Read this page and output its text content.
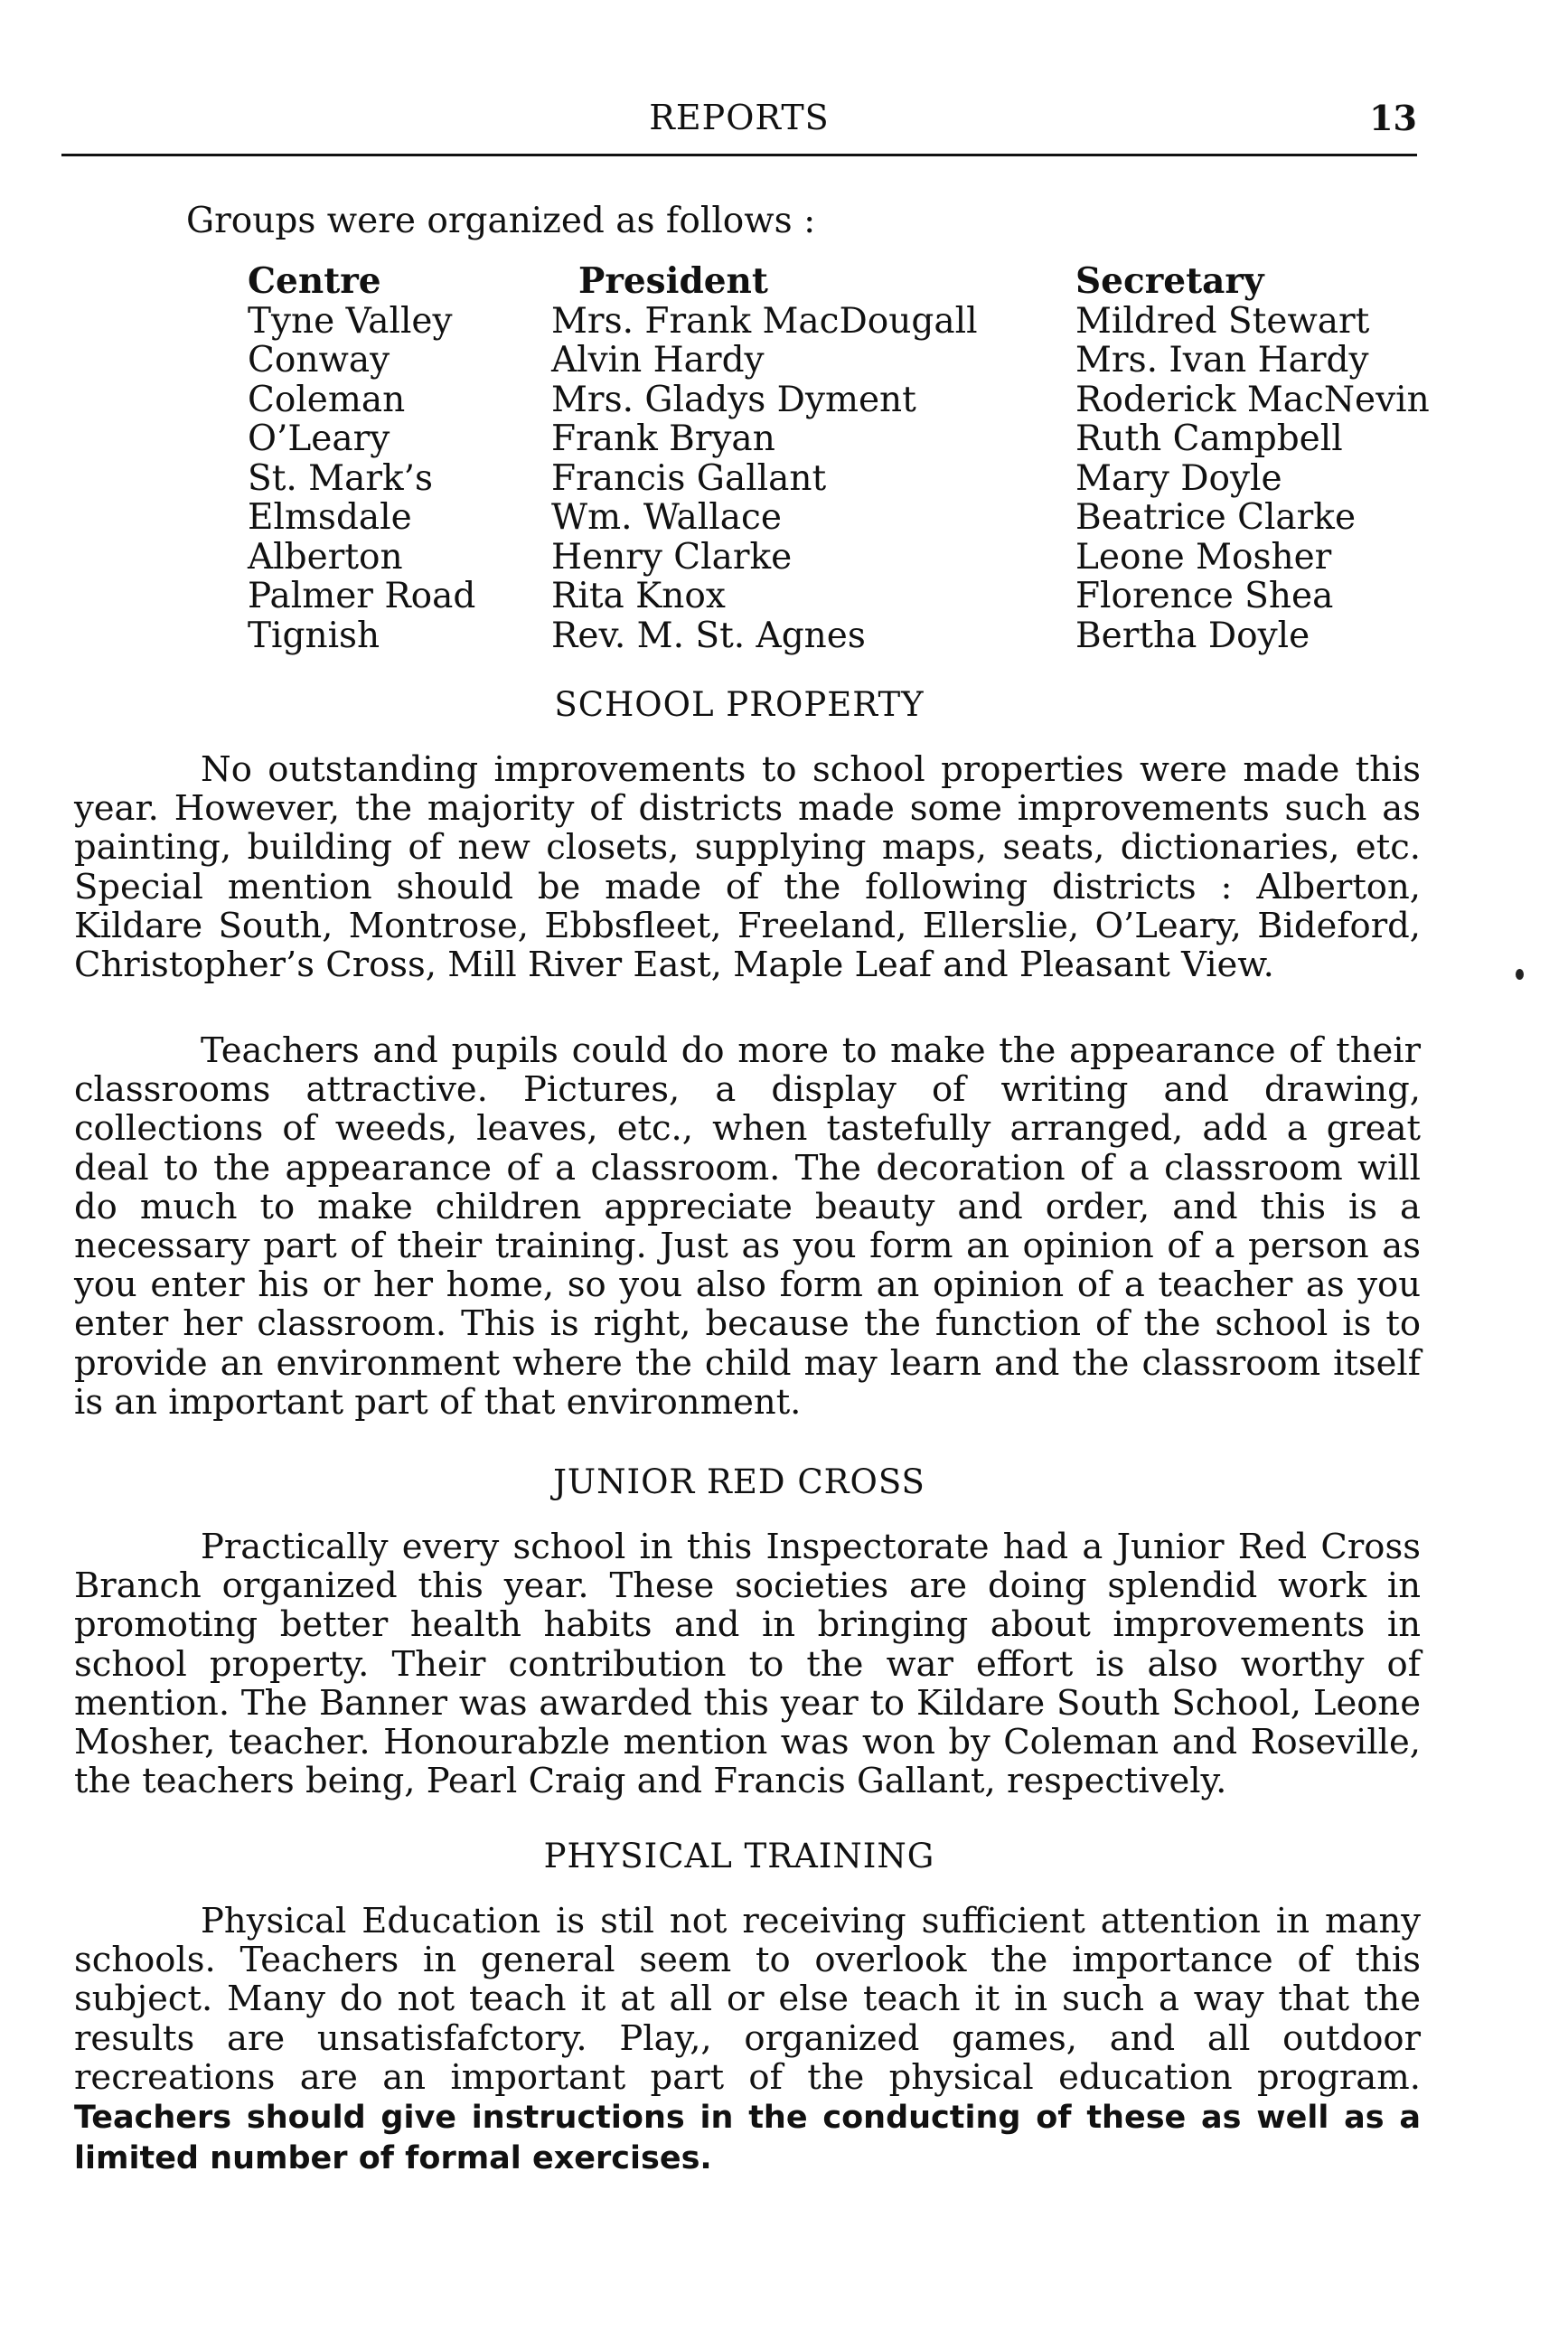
REPORTS	13
Groups were organized as follows :
Centre	President	Secretary
Tyne Valley	Mrs. Frank MacDougall	Mildred Stewart
Conway	Alvin Hardy	Mrs. Ivan Hardy
Coleman	Mrs. Gladys Dyment	Roderick MacNevin
O’Leary	Frank Bryan	Ruth Campbell
St. Mark’s	Francis Gallant	Mary Doyle
Elmsdale	Wm. Wallace	Beatrice Clarke
Alberton	Henry Clarke	Leone Mosher
Palmer Road	Rita Knox	Florence Shea
Tignish	Rev. M. St. Agnes	Bertha Doyle
SCHOOL PROPERTY

No outstanding improvements to school properties were made this year. However, the majority of districts made some improvements such as painting, building of new closets, supplying maps, seats, dictionaries, etc. Special mention should be made of the following districts : Alberton, Kildare South, Montrose, Ebbsfleet, Freeland, Ellerslie, O’Leary, Bideford, Christopher’s Cross, Mill River East, Maple Leaf and Pleasant View.

Teachers and pupils could do more to make the appearance of their classrooms attractive. Pictures, a display of writing and drawing, collections of weeds, leaves, etc., when tastefully arranged, add a great deal to the appearance of a classroom. The decoration of a classroom will do much to make children appreciate beauty and order, and this is a necessary part of their training. Just as you form an opinion of a person as you enter his or her home, so you also form an opinion of a teacher as you enter her classroom. This is right, because the function of the school is to provide an environment where the child may learn and the classroom itself is an important part of that environment.

JUNIOR RED CROSS

Practically every school in this Inspectorate had a Junior Red Cross Branch organized this year. These societies are doing splendid work in promoting better health habits and in bringing about improvements in school property. Their contribution to the war effort is also worthy of mention. The Banner was awarded this year to Kildare South School, Leone Mosher, teacher. Honourabzle mention was won by Coleman and Roseville, the teachers being, Pearl Craig and Francis Gallant, respectively.

PHYSICAL TRAINING

Physical Education is stil not receiving sufficient attention in many schools. Teachers in general seem to overlook the importance of this subject. Many do not teach it at all or else teach it in such a way that the results are unsatisfafctory. Play,, organized games, and all outdoor recreations are an important part of the physical education program. Teachers should give instructions in the conducting of these as well as a limited number of formal exercises.
